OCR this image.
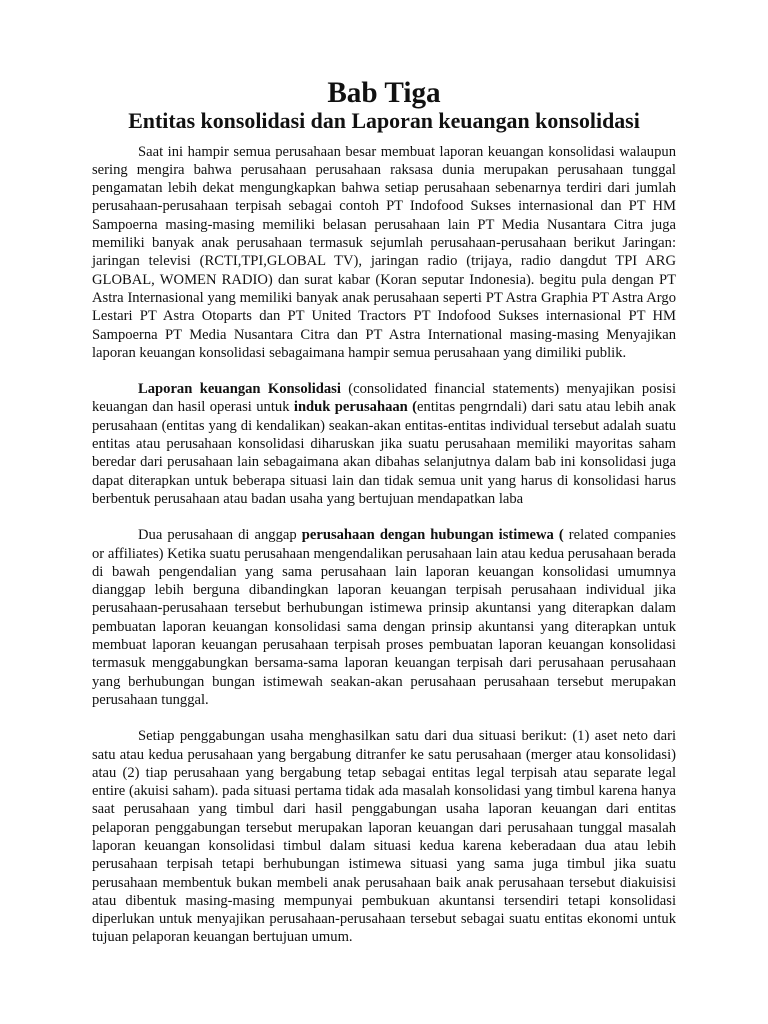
Bab Tiga
Entitas konsolidasi dan Laporan keuangan konsolidasi

Saat ini hampir semua perusahaan besar membuat laporan keuangan konsolidasi walaupun sering mengira bahwa perusahaan perusahaan raksasa dunia merupakan perusahaan tunggal pengamatan lebih dekat mengungkapkan bahwa setiap perusahaan sebenarnya terdiri dari jumlah perusahaan-perusahaan terpisah sebagai contoh PT Indofood Sukses internasional dan PT HM Sampoerna masing-masing memiliki belasan perusahaan lain PT Media Nusantara Citra juga memiliki banyak anak perusahaan termasuk sejumlah perusahaan-perusahaan berikut Jaringan: jaringan televisi (RCTI,TPI,GLOBAL TV), jaringan radio (trijaya, radio dangdut TPI ARG GLOBAL, WOMEN RADIO) dan surat kabar (Koran seputar Indonesia). begitu pula dengan PT Astra Internasional yang memiliki banyak anak perusahaan seperti PT Astra Graphia PT Astra Argo Lestari PT Astra Otoparts dan PT United Tractors PT Indofood Sukses internasional PT HM Sampoerna PT Media Nusantara Citra dan PT Astra International masing-masing Menyajikan laporan keuangan konsolidasi sebagaimana hampir semua perusahaan yang dimiliki publik.

Laporan keuangan Konsolidasi (consolidated financial statements) menyajikan posisi keuangan dan hasil operasi untuk induk perusahaan (entitas pengrndali) dari satu atau lebih anak perusahaan (entitas yang di kendalikan) seakan-akan entitas-entitas individual tersebut adalah suatu entitas atau perusahaan konsolidasi diharuskan jika suatu perusahaan memiliki mayoritas saham beredar dari perusahaan lain sebagaimana akan dibahas selanjutnya dalam bab ini konsolidasi juga dapat diterapkan untuk beberapa situasi lain dan tidak semua unit yang harus di konsolidasi harus berbentuk perusahaan atau badan usaha yang bertujuan mendapatkan laba

Dua perusahaan di anggap perusahaan dengan hubungan istimewa ( related companies or affiliates) Ketika suatu perusahaan mengendalikan perusahaan lain atau kedua perusahaan berada di bawah pengendalian yang sama perusahaan lain laporan keuangan konsolidasi umumnya dianggap lebih berguna dibandingkan laporan keuangan terpisah perusahaan individual jika perusahaan-perusahaan tersebut berhubungan istimewa prinsip akuntansi yang diterapkan dalam pembuatan laporan keuangan konsolidasi sama dengan prinsip akuntansi yang diterapkan untuk membuat laporan keuangan perusahaan terpisah proses pembuatan laporan keuangan konsolidasi termasuk menggabungkan bersama-sama laporan keuangan terpisah dari perusahaan perusahaan yang berhubungan bungan istimewah seakan-akan perusahaan perusahaan tersebut merupakan perusahaan tunggal.

Setiap penggabungan usaha menghasilkan satu dari dua situasi berikut: (1) aset neto dari satu atau kedua perusahaan yang bergabung ditranfer ke satu perusahaan (merger atau konsolidasi) atau (2) tiap perusahaan yang bergabung tetap sebagai entitas legal terpisah atau separate legal entire (akuisi saham). pada situasi pertama tidak ada masalah konsolidasi yang timbul karena hanya saat perusahaan yang timbul dari hasil penggabungan usaha laporan keuangan dari entitas pelaporan penggabungan tersebut merupakan laporan keuangan dari perusahaan tunggal masalah laporan keuangan konsolidasi timbul dalam situasi kedua karena keberadaan dua atau lebih perusahaan terpisah tetapi berhubungan istimewa situasi yang sama juga timbul jika suatu perusahaan membentuk bukan membeli anak perusahaan baik anak perusahaan tersebut diakuisisi atau dibentuk masing-masing mempunyai pembukuan akuntansi tersendiri tetapi konsolidasi diperlukan untuk menyajikan perusahaan-perusahaan tersebut sebagai suatu entitas ekonomi untuk tujuan pelaporan keuangan bertujuan umum.
